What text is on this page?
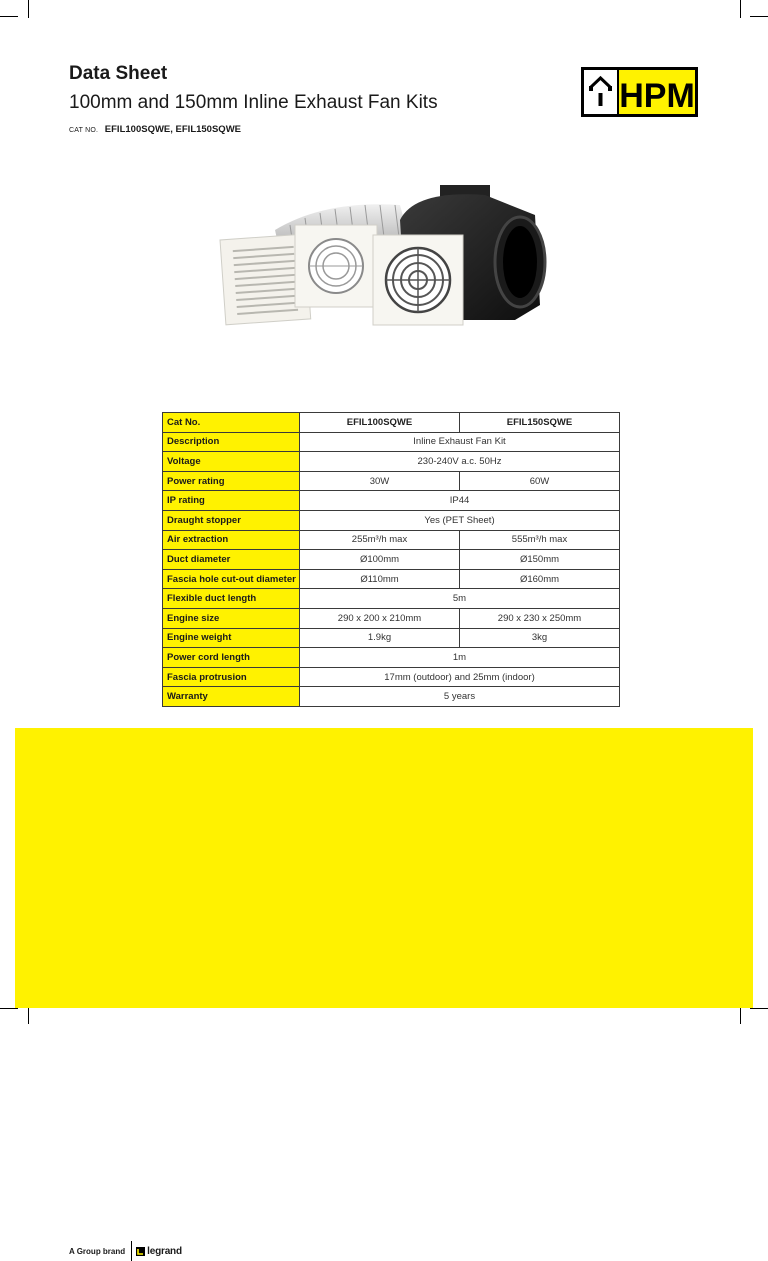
Data Sheet
100mm and 150mm Inline Exhaust Fan Kits
CAT NO. EFIL100SQWE, EFIL150SQWE
HPM
Cat No.	EFIL100SQWE	EFIL150SQWE
Description	Inline Exhaust Fan Kit	
Voltage	230-240V a.c. 50Hz	
Power rating	30W	60W
IP rating	IP44	
Draught stopper	Yes (PET Sheet)	
Air extraction	255m³/h max	555m³/h max
Duct diameter	Ø100mm	Ø150mm
Fascia hole cut-out diameter	Ø110mm	Ø160mm
Flexible duct length	5m	
Engine size	290 x 200 x 210mm	290 x 230 x 250mm
Engine weight	1.9kg	3kg
Power cord length	1m	
Fascia protrusion	17mm (outdoor) and 25mm (indoor)	
Warranty	5 years	
A Group brand legrand
